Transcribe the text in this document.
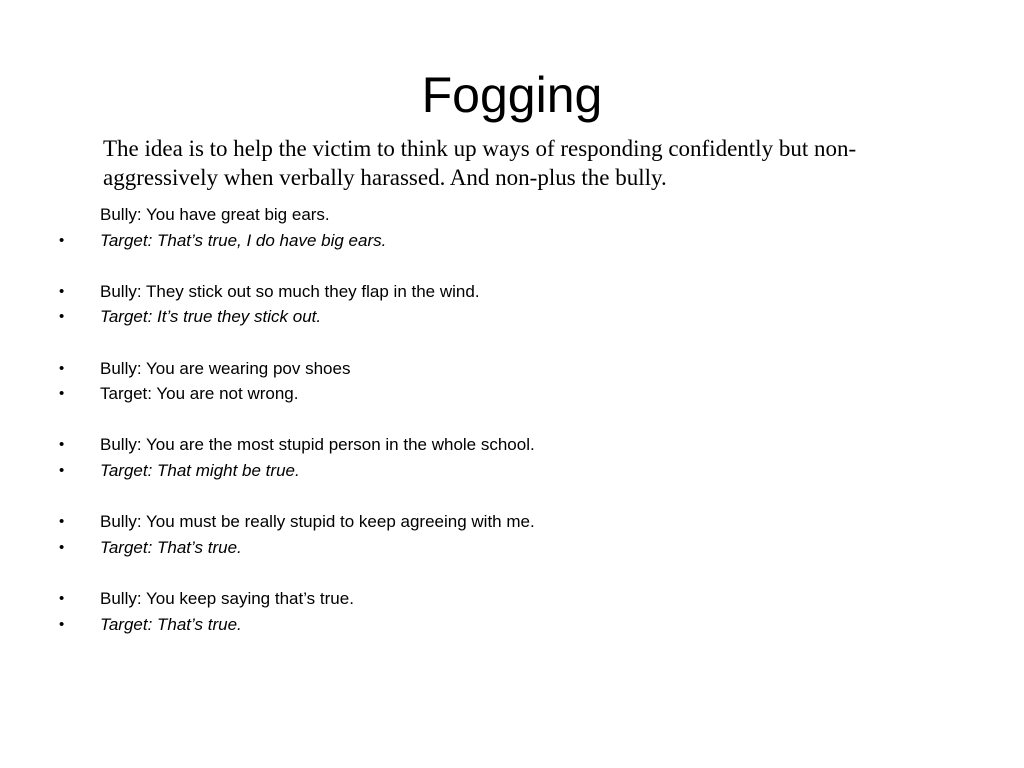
Fogging

The idea is to help the victim to think up ways of responding confidently but non-aggressively when verbally harassed. And non-plus the bully.

Bully: You have great big ears.
• Target: That’s true, I do have big ears.
• Bully: They stick out so much they flap in the wind.
• Target: It’s true they stick out.
• Bully: You are wearing pov shoes
• Target: You are not wrong.
• Bully: You are the most stupid person in the whole school.
• Target: That might be true.
• Bully: You must be really stupid to keep agreeing with me.
• Target: That’s true.
• Bully: You keep saying that’s true.
• Target: That’s true.
